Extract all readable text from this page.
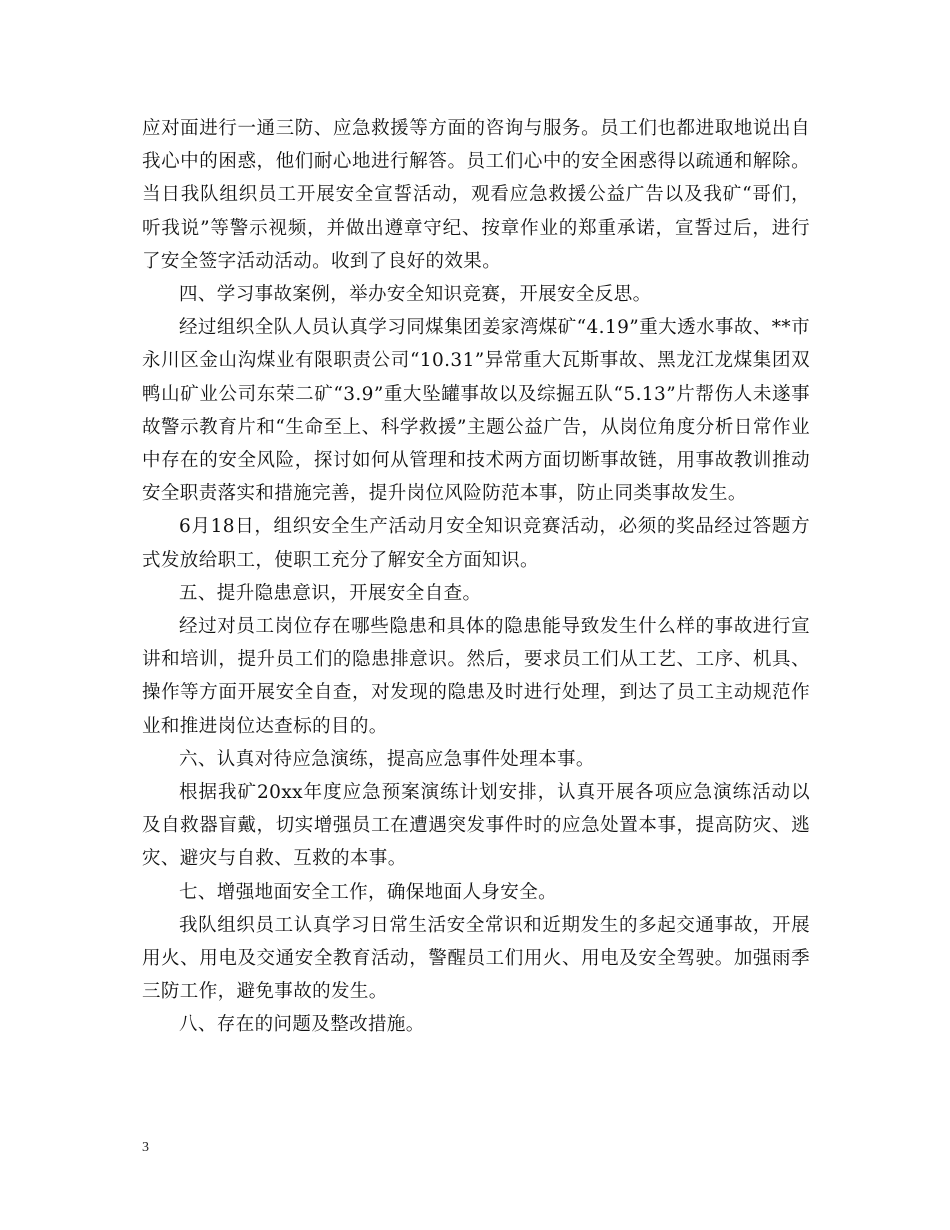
应对面进行一通三防、应急救援等方面的咨询与服务。员工们也都进取地说出自我心中的困惑，他们耐心地进行解答。员工们心中的安全困惑得以疏通和解除。当日我队组织员工开展安全宣誓活动，观看应急救援公益广告以及我矿“哥们，听我说”等警示视频，并做出遵章守纪、按章作业的郑重承诺，宣誓过后，进行了安全签字活动活动。收到了良好的效果。

四、学习事故案例，举办安全知识竞赛，开展安全反思。

经过组织全队人员认真学习同煤集团姜家湾煤矿“4.19”重大透水事故、**市永川区金山沟煤业有限职责公司“10.31”异常重大瓦斯事故、黑龙江龙煤集团双鸭山矿业公司东荣二矿“3.9”重大坠罐事故以及综掘五队“5.13”片帮伤人未遂事故警示教育片和“生命至上、科学救援”主题公益广告，从岗位角度分析日常作业中存在的安全风险，探讨如何从管理和技术两方面切断事故链，用事故教训推动安全职责落实和措施完善，提升岗位风险防范本事，防止同类事故发生。

6月18日，组织安全生产活动月安全知识竞赛活动，必须的奖品经过答题方式发放给职工，使职工充分了解安全方面知识。

五、提升隐患意识，开展安全自查。

经过对员工岗位存在哪些隐患和具体的隐患能导致发生什么样的事故进行宣讲和培训，提升员工们的隐患排意识。然后，要求员工们从工艺、工序、机具、操作等方面开展安全自查，对发现的隐患及时进行处理，到达了员工主动规范作业和推进岗位达查标的目的。

六、认真对待应急演练，提高应急事件处理本事。

根据我矿20xx年度应急预案演练计划安排，认真开展各项应急演练活动以及自救器盲戴，切实增强员工在遭遇突发事件时的应急处置本事，提高防灾、逃灾、避灾与自救、互救的本事。

七、增强地面安全工作，确保地面人身安全。

我队组织员工认真学习日常生活安全常识和近期发生的多起交通事故，开展用火、用电及交通安全教育活动，警醒员工们用火、用电及安全驾驶。加强雨季三防工作，避免事故的发生。

八、存在的问题及整改措施。

3
